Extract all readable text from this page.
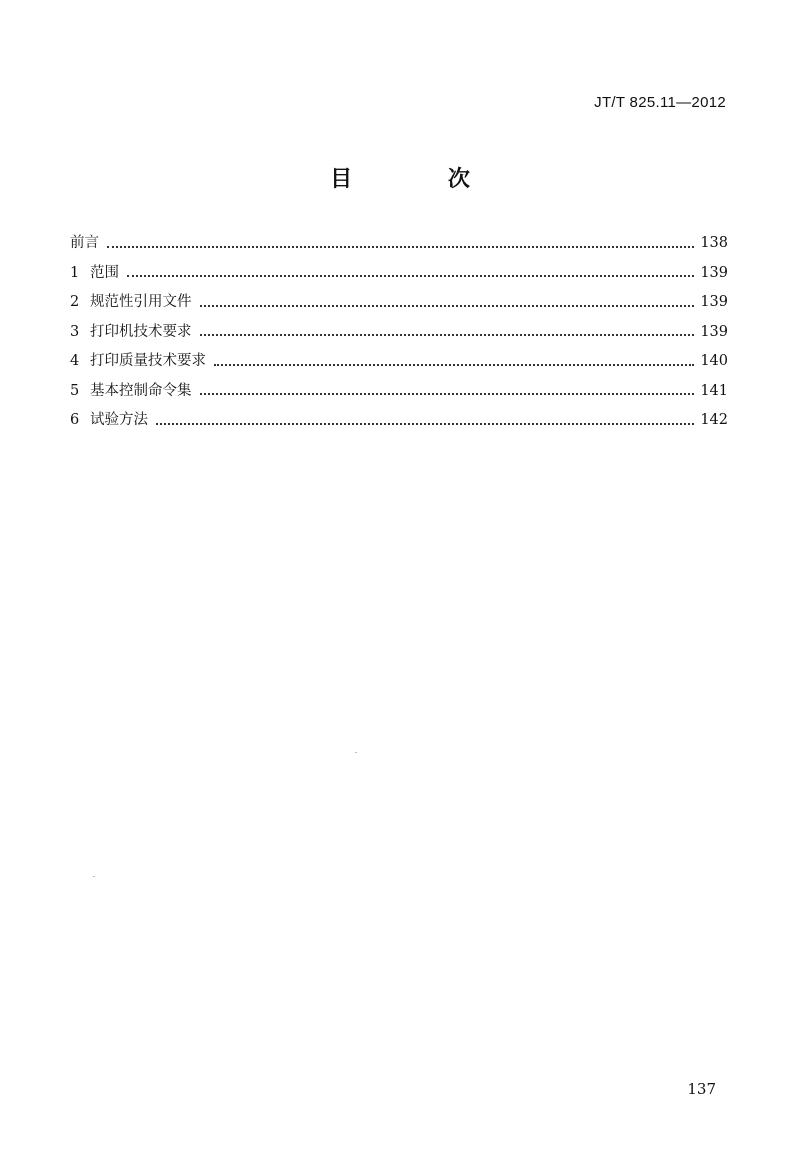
JT/T 825.11—2012
目 次
前言	138
1 范围	139
2 规范性引用文件	139
3 打印机技术要求	139
4 打印质量技术要求	140
5 基本控制命令集	141
6 试验方法	142
137
